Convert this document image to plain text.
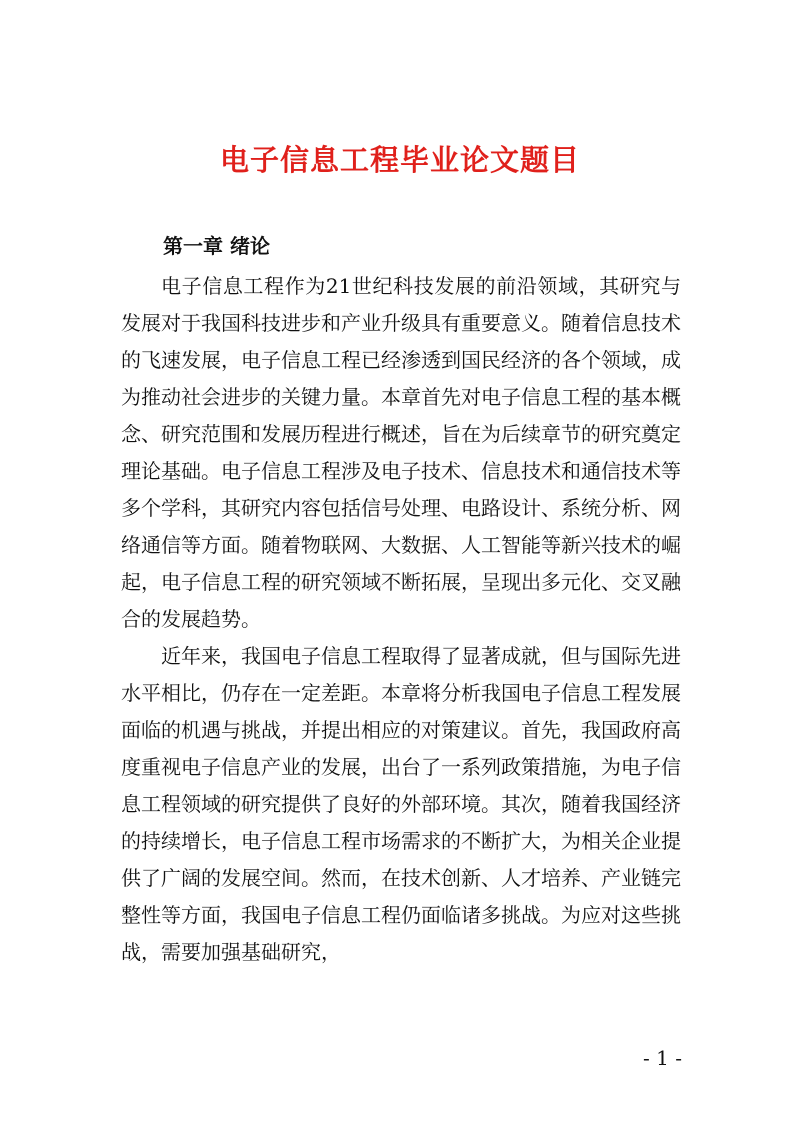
电子信息工程毕业论文题目
第一章 绪论

电子信息工程作为21世纪科技发展的前沿领域，其研究与发展对于我国科技进步和产业升级具有重要意义。随着信息技术的飞速发展，电子信息工程已经渗透到国民经济的各个领域，成为推动社会进步的关键力量。本章首先对电子信息工程的基本概念、研究范围和发展历程进行概述，旨在为后续章节的研究奠定理论基础。电子信息工程涉及电子技术、信息技术和通信技术等多个学科，其研究内容包括信号处理、电路设计、系统分析、网络通信等方面。随着物联网、大数据、人工智能等新兴技术的崛起，电子信息工程的研究领域不断拓展，呈现出多元化、交叉融合的发展趋势。

近年来，我国电子信息工程取得了显著成就，但与国际先进水平相比，仍存在一定差距。本章将分析我国电子信息工程发展面临的机遇与挑战，并提出相应的对策建议。首先，我国政府高度重视电子信息产业的发展，出台了一系列政策措施，为电子信息工程领域的研究提供了良好的外部环境。其次，随着我国经济的持续增长，电子信息工程市场需求的不断扩大，为相关企业提供了广阔的发展空间。然而，在技术创新、人才培养、产业链完整性等方面，我国电子信息工程仍面临诸多挑战。为应对这些挑战，需要加强基础研究，

- 1 -
